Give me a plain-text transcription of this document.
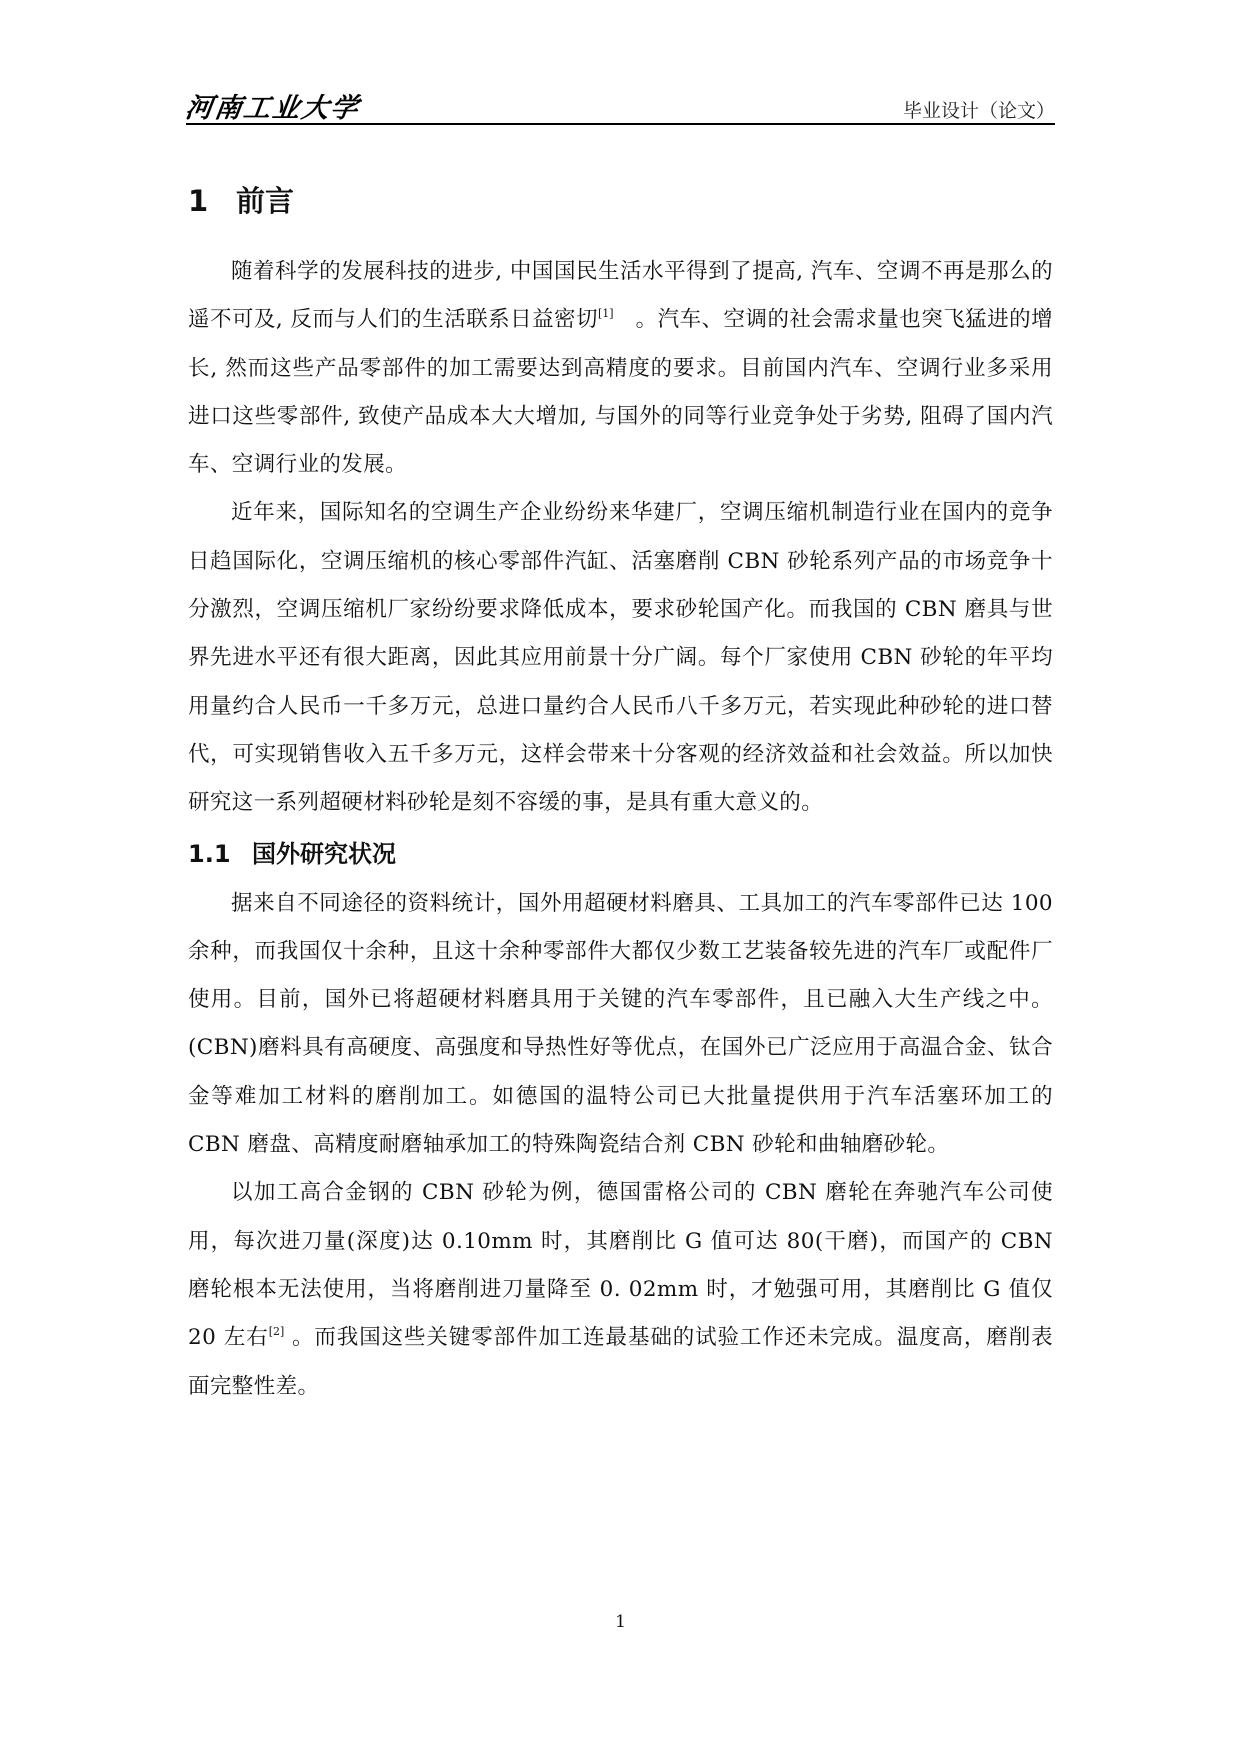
河南工业大学	毕业设计（论文）
1 前言

随着科学的发展科技的进步, 中国国民生活水平得到了提高, 汽车、空调不再是那么的遥不可及, 反而与人们的生活联系日益密切[1]　。汽车、空调的社会需求量也突飞猛进的增长, 然而这些产品零部件的加工需要达到高精度的要求。目前国内汽车、空调行业多采用进口这些零部件, 致使产品成本大大增加, 与国外的同等行业竞争处于劣势, 阻碍了国内汽车、空调行业的发展。

近年来，国际知名的空调生产企业纷纷来华建厂，空调压缩机制造行业在国内的竞争日趋国际化，空调压缩机的核心零部件汽缸、活塞磨削 CBN 砂轮系列产品的市场竞争十分激烈，空调压缩机厂家纷纷要求降低成本，要求砂轮国产化。而我国的 CBN 磨具与世界先进水平还有很大距离，因此其应用前景十分广阔。每个厂家使用 CBN 砂轮的年平均用量约合人民币一千多万元，总进口量约合人民币八千多万元，若实现此种砂轮的进口替代，可实现销售收入五千多万元，这样会带来十分客观的经济效益和社会效益。所以加快研究这一系列超硬材料砂轮是刻不容缓的事，是具有重大意义的。

1.1 国外研究状况

据来自不同途径的资料统计，国外用超硬材料磨具、工具加工的汽车零部件已达 100 余种，而我国仅十余种，且这十余种零部件大都仅少数工艺装备较先进的汽车厂或配件厂使用。目前，国外已将超硬材料磨具用于关键的汽车零部件，且已融入大生产线之中。(CBN)磨料具有高硬度、高强度和导热性好等优点，在国外已广泛应用于高温合金、钛合金等难加工材料的磨削加工。如德国的温特公司已大批量提供用于汽车活塞环加工的 CBN 磨盘、高精度耐磨轴承加工的特殊陶瓷结合剂 CBN 砂轮和曲轴磨砂轮。

以加工高合金钢的 CBN 砂轮为例，德国雷格公司的 CBN 磨轮在奔驰汽车公司使用，每次进刀量(深度)达 0.10mm 时，其磨削比 G 值可达 80(干磨)，而国产的 CBN 磨轮根本无法使用，当将磨削进刀量降至 0. 02mm 时，才勉强可用，其磨削比 G 值仅 20 左右[2] 。而我国这些关键零部件加工连最基础的试验工作还未完成。温度高，磨削表面完整性差。

1
